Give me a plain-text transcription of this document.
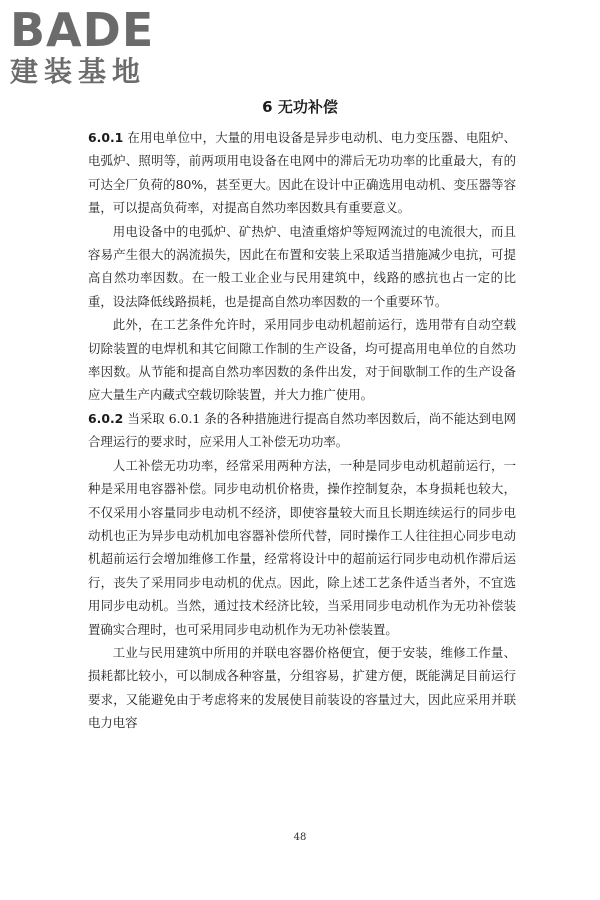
BADE
建装基地
6 无功补偿

6.0.1 在用电单位中，大量的用电设备是异步电动机、电力变压器、电阻炉、电弧炉、照明等，前两项用电设备在电网中的滞后无功功率的比重最大，有的可达全厂负荷的80%，甚至更大。因此在设计中正确选用电动机、变压器等容量，可以提高负荷率，对提高自然功率因数具有重要意义。

用电设备中的电弧炉、矿热炉、电渣重熔炉等短网流过的电流很大，而且容易产生很大的涡流损失，因此在布置和安装上采取适当措施减少电抗，可提高自然功率因数。在一般工业企业与民用建筑中，线路的感抗也占一定的比重，设法降低线路损耗，也是提高自然功率因数的一个重要环节。

此外，在工艺条件允许时，采用同步电动机超前运行，选用带有自动空载切除装置的电焊机和其它间隙工作制的生产设备，均可提高用电单位的自然功率因数。从节能和提高自然功率因数的条件出发，对于间歇制工作的生产设备应大量生产内藏式空载切除装置，并大力推广使用。

6.0.2 当采取 6.0.1 条的各种措施进行提高自然功率因数后，尚不能达到电网合理运行的要求时，应采用人工补偿无功功率。

人工补偿无功功率，经常采用两种方法，一种是同步电动机超前运行，一种是采用电容器补偿。同步电动机价格贵，操作控制复杂，本身损耗也较大，不仅采用小容量同步电动机不经济，即使容量较大而且长期连续运行的同步电动机也正为异步电动机加电容器补偿所代替，同时操作工人往往担心同步电动机超前运行会增加维修工作量，经常将设计中的超前运行同步电动机作滞后运行，丧失了采用同步电动机的优点。因此，除上述工艺条件适当者外，不宜选用同步电动机。当然，通过技术经济比较，当采用同步电动机作为无功补偿装置确实合理时，也可采用同步电动机作为无功补偿装置。

工业与民用建筑中所用的并联电容器价格便宜，便于安装，维修工作量、损耗都比较小，可以制成各种容量，分组容易，扩建方便，既能满足目前运行要求，又能避免由于考虑将来的发展使目前装设的容量过大，因此应采用并联电力电容

48
